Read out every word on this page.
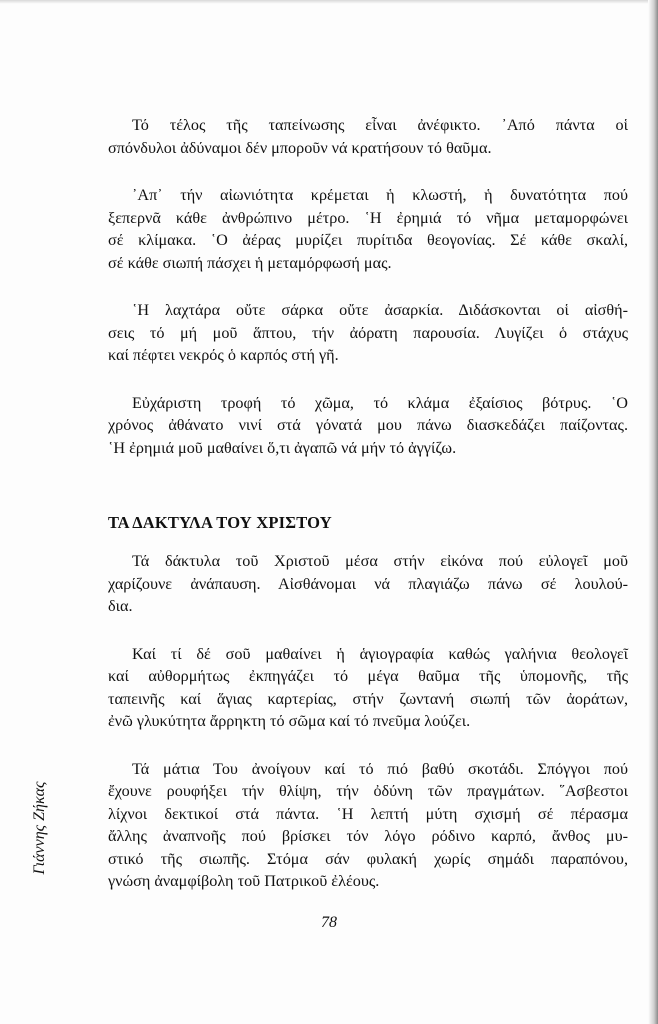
Τό τέλος τῆς ταπείνωσης εἶναι ἀνέφικτο. ᾿Από πάντα οἱ
σπόνδυλοι ἀδύναμοι δέν μποροῦν νά κρατήσουν τό θαῦμα.

᾿Απ᾿ τήν αἰωνιότητα κρέμεται ἡ κλωστή, ἡ δυνατότητα πού
ξεπερνᾶ κάθε ἀνθρώπινο μέτρο. ῾Η ἐρημιά τό νῆμα μεταμορφώνει
σέ κλίμακα. ῾Ο ἀέρας μυρίζει πυρίτιδα θεογονίας. Σέ κάθε σκαλί,
σέ κάθε σιωπή πάσχει ἡ μεταμόρφωσή μας.

῾Η λαχτάρα οὔτε σάρκα οὔτε ἀσαρκία. Διδάσκονται οἱ αἰσθή-
σεις τό μή μοῦ ἅπτου, τήν ἀόρατη παρουσία. Λυγίζει ὁ στάχυς
καί πέφτει νεκρός ὁ καρπός στή γῆ.

Εὐχάριστη τροφή τό χῶμα, τό κλάμα ἐξαίσιος βότρυς. ῾Ο
χρόνος ἀθάνατο νινί στά γόνατά μου πάνω διασκεδάζει παίζοντας.
῾Η ἐρημιά μοῦ μαθαίνει ὅ,τι ἀγαπῶ νά μήν τό ἀγγίζω.

ΤΑ ΔΑΚΤΥΛΑ ΤΟΥ ΧΡΙΣΤΟΥ

Τά δάκτυλα τοῦ Χριστοῦ μέσα στήν εἰκόνα πού εὐλογεῖ μοῦ
χαρίζουνε ἀνάπαυση. Αἰσθάνομαι νά πλαγιάζω πάνω σέ λουλού-
δια.

Καί τί δέ σοῦ μαθαίνει ἡ ἁγιογραφία καθώς γαλήνια θεολογεῖ
καί αὐθορμήτως ἐκπηγάζει τό μέγα θαῦμα τῆς ὑπομονῆς, τῆς
ταπεινῆς καί ἅγιας καρτερίας, στήν ζωντανή σιωπή τῶν ἀοράτων,
ἐνῶ γλυκύτητα ἄρρηκτη τό σῶμα καί τό πνεῦμα λούζει.

Τά μάτια Του ἀνοίγουν καί τό πιό βαθύ σκοτάδι. Σπόγγοι πού
ἔχουνε ρουφήξει τήν θλίψη, τήν ὀδύνη τῶν πραγμάτων. ῞Ασβεστοι
λίχνοι δεκτικοί στά πάντα. ῾Η λεπτή μύτη σχισμή σέ πέρασμα
ἄλλης ἀναπνοῆς πού βρίσκει τόν λόγο ρόδινο καρπό, ἄνθος μυ-
στικό τῆς σιωπῆς. Στόμα σάν φυλακή χωρίς σημάδι παραπόνου,
γνώση ἀναμφίβολη τοῦ Πατρικοῦ ἐλέους.

Γιάννης Ζήκας
78
